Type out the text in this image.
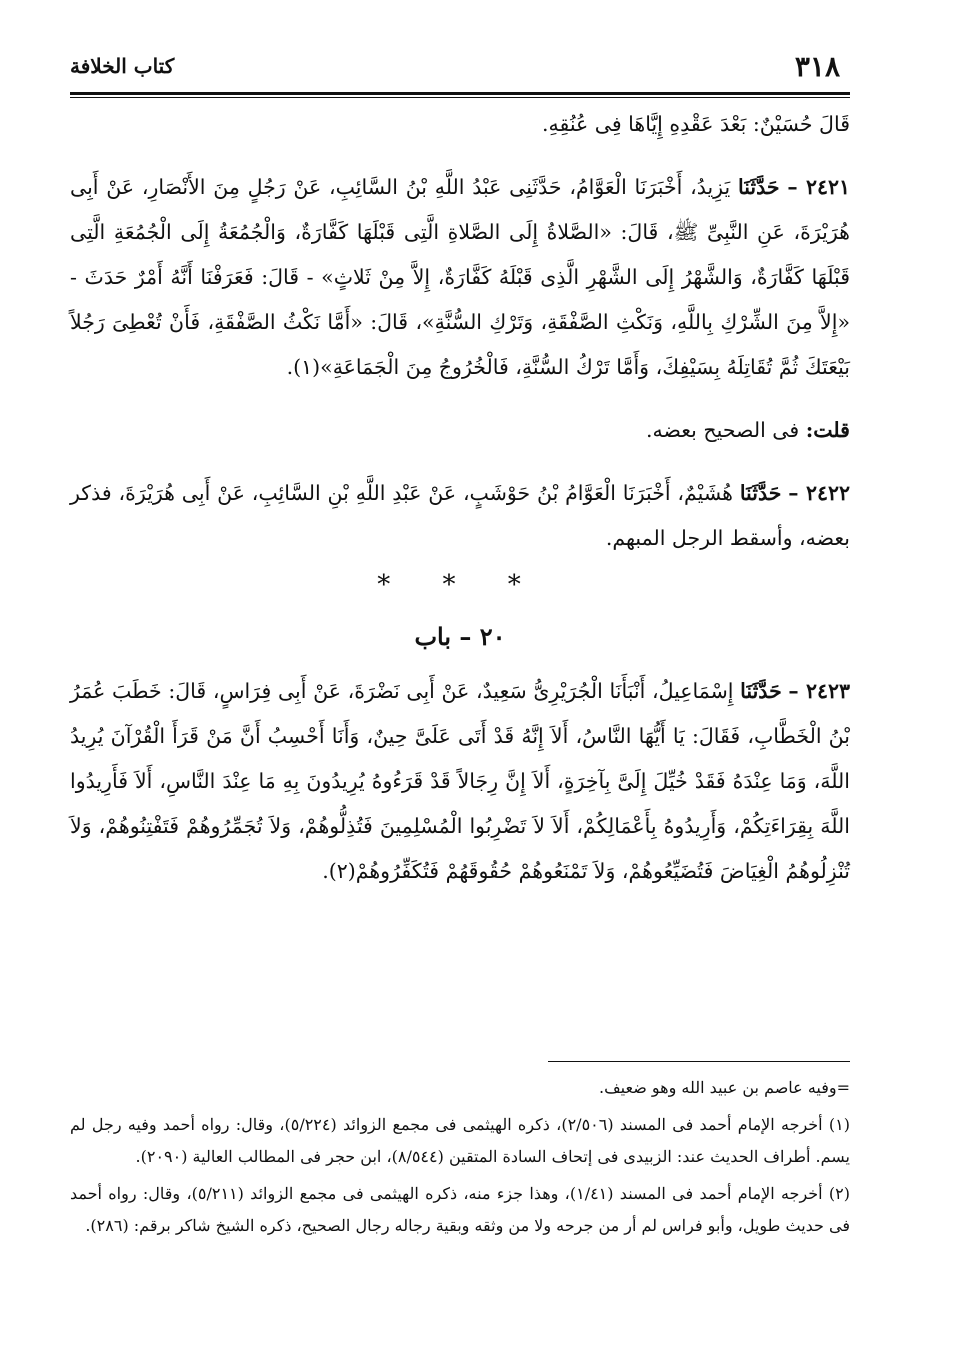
٣١٨
كتاب الخلافة

قَالَ حُسَيْنٌ: بَعْدَ عَقْدِهِ إِيَّاهَا فِى عُنُقِهِ.

٢٤٢١ – حَدَّثَنَا يَزِيدُ، أَخْبَرَنَا الْعَوَّامُ، حَدَّثَنِى عَبْدُ اللَّهِ بْنُ السَّائِبِ، عَنْ رَجُلٍ مِنَ الأَنْصَارِ، عَنْ أَبِى هُرَيْرَةَ، عَنِ النَّبِىِّ ﷺ، قَالَ: «الصَّلاةُ إِلَى الصَّلاةِ الَّتِى قَبْلَهَا كَفَّارَةٌ، وَالْجُمُعَةُ إِلَى الْجُمُعَةِ الَّتِى قَبْلَهَا كَفَّارَةٌ، وَالشَّهْرُ إِلَى الشَّهْرِ الَّذِى قَبْلَهُ كَفَّارَةٌ، إِلاَّ مِنْ ثَلاثٍ» - قَالَ: فَعَرَفْنَا أَنَّهُ أَمْرٌ حَدَثَ - «إِلاَّ مِنَ الشِّرْكِ بِاللَّهِ، وَنَكْثِ الصَّفْقَةِ، وَتَرْكِ السُّنَّةِ»، قَالَ: «أَمَّا نَكْثُ الصَّفْقَةِ، فَأَنْ تُعْطِىَ رَجُلاً بَيْعَتَكَ ثُمَّ تُقَاتِلَهُ بِسَيْفِكَ، وَأَمَّا تَرْكُ السُّنَّةِ، فَالْخُرُوجُ مِنَ الْجَمَاعَةِ»(١).

قلت: فى الصحيح بعضه.

٢٤٢٢ – حَدَّثَنَا هُشَيْمٌ، أَخْبَرَنَا الْعَوَّامُ بْنُ حَوْشَبٍ، عَنْ عَبْدِ اللَّهِ بْنِ السَّائِبِ، عَنْ أَبِى هُرَيْرَةَ، فذكر بعضه، وأسقط الرجل المبهم.

* * *
٢٠ – باب

٢٤٢٣ – حَدَّثَنَا إِسْمَاعِيلُ، أَنْبَأَنَا الْجُرَيْرِىُّ سَعِيدٌ، عَنْ أَبِى نَضْرَةَ، عَنْ أَبِى فِرَاسٍ، قَالَ: خَطَبَ عُمَرُ بْنُ الْخَطَّابِ، فَقَالَ: يَا أَيُّهَا النَّاسُ، أَلاَ إِنَّهُ قَدْ أَتَى عَلَىَّ حِينٌ، وَأَنَا أَحْسِبُ أَنَّ مَنْ قَرَأَ الْقُرْآنَ يُرِيدُ اللَّهَ، وَمَا عِنْدَهُ فَقَدْ خُيِّلَ إِلَىَّ بِآخِرَةٍ، أَلاَ إِنَّ رِجَالاً قَدْ قَرَءُوهُ يُرِيدُونَ بِهِ مَا عِنْدَ النَّاسِ، أَلاَ فَأَرِيدُوا اللَّهَ بِقِرَاءَتِكُمْ، وَأَرِيدُوهُ بِأَعْمَالِكُمْ، أَلاَ لاَ تَضْرِبُوا الْمُسْلِمِينَ فَتُذِلُّوهُمْ، وَلاَ تُجَمِّرُوهُمْ فَتَفْتِنُوهُمْ، وَلاَ تُنْزِلُوهُمُ الْغِيَاضَ فَتُضَيِّعُوهُمْ، وَلاَ تَمْنَعُوهُمْ حُقُوقَهُمْ فَتُكَفِّرُوهُمْ(٢).

=وفيه عاصم بن عبيد الله وهو ضعيف.

(١) أخرجه الإمام أحمد فى المسند (٢/٥٠٦)، ذكره الهيثمى فى مجمع الزوائد (٥/٢٢٤)، وقال: رواه أحمد وفيه رجل لم يسم. أطراف الحديث عند: الزبيدى فى إتحاف السادة المتقين (٨/٥٤٤)، ابن حجر فى المطالب العالية (٢٠٩٠).

(٢) أخرجه الإمام أحمد فى المسند (١/٤١)، وهذا جزء منه، ذكره الهيثمى فى مجمع الزوائد (٥/٢١١)، وقال: رواه أحمد فى حديث طويل، وأبو فراس لم أر من جرحه ولا من وثقه وبقية رجاله رجال الصحيح، ذكره الشيخ شاكر برقم: (٢٨٦).
